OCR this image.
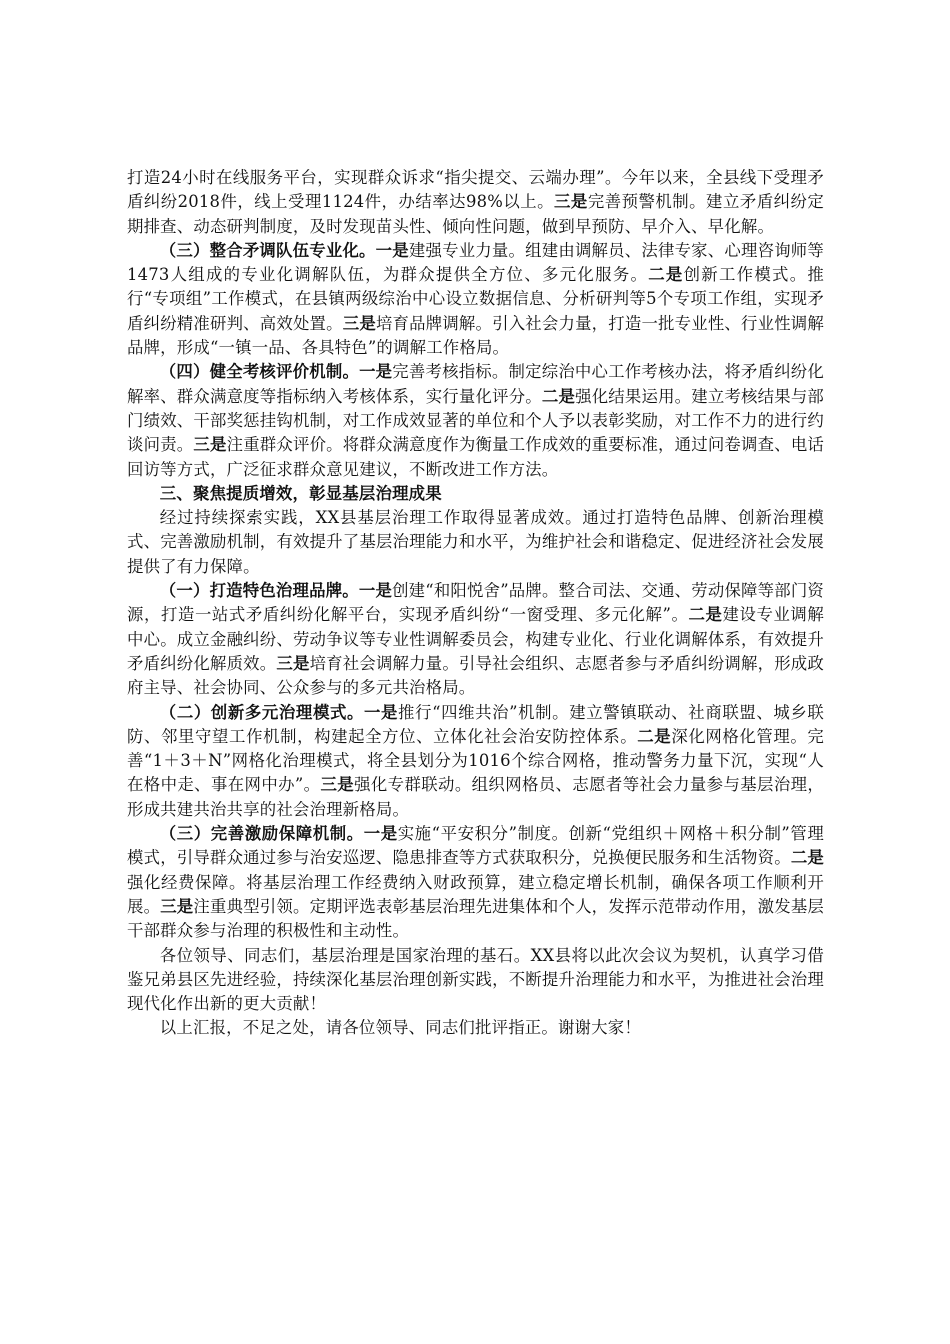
打造24小时在线服务平台，实现群众诉求“指尖提交、云端办理”。今年以来，全县线下受理矛盾纠纷2018件，线上受理1124件，办结率达98%以上。三是完善预警机制。建立矛盾纠纷定期排查、动态研判制度，及时发现苗头性、倾向性问题，做到早预防、早介入、早化解。

（三）整合矛调队伍专业化。一是建强专业力量。组建由调解员、法律专家、心理咨询师等1473人组成的专业化调解队伍，为群众提供全方位、多元化服务。二是创新工作模式。推行“专项组”工作模式，在县镇两级综治中心设立数据信息、分析研判等5个专项工作组，实现矛盾纠纷精准研判、高效处置。三是培育品牌调解。引入社会力量，打造一批专业性、行业性调解品牌，形成“一镇一品、各具特色”的调解工作格局。

（四）健全考核评价机制。一是完善考核指标。制定综治中心工作考核办法，将矛盾纠纷化解率、群众满意度等指标纳入考核体系，实行量化评分。二是强化结果运用。建立考核结果与部门绩效、干部奖惩挂钩机制，对工作成效显著的单位和个人予以表彰奖励，对工作不力的进行约谈问责。三是注重群众评价。将群众满意度作为衡量工作成效的重要标准，通过问卷调查、电话回访等方式，广泛征求群众意见建议，不断改进工作方法。

三、聚焦提质增效，彰显基层治理成果

经过持续探索实践，XX县基层治理工作取得显著成效。通过打造特色品牌、创新治理模式、完善激励机制，有效提升了基层治理能力和水平，为维护社会和谐稳定、促进经济社会发展提供了有力保障。

（一）打造特色治理品牌。一是创建“和阳悦舍”品牌。整合司法、交通、劳动保障等部门资源，打造一站式矛盾纠纷化解平台，实现矛盾纠纷“一窗受理、多元化解”。二是建设专业调解中心。成立金融纠纷、劳动争议等专业性调解委员会，构建专业化、行业化调解体系，有效提升矛盾纠纷化解质效。三是培育社会调解力量。引导社会组织、志愿者参与矛盾纠纷调解，形成政府主导、社会协同、公众参与的多元共治格局。

（二）创新多元治理模式。一是推行“四维共治”机制。建立警镇联动、社商联盟、城乡联防、邻里守望工作机制，构建起全方位、立体化社会治安防控体系。二是深化网格化管理。完善“1＋3＋N”网格化治理模式，将全县划分为1016个综合网格，推动警务力量下沉，实现“人在格中走、事在网中办”。三是强化专群联动。组织网格员、志愿者等社会力量参与基层治理，形成共建共治共享的社会治理新格局。

（三）完善激励保障机制。一是实施“平安积分”制度。创新“党组织＋网格＋积分制”管理模式，引导群众通过参与治安巡逻、隐患排查等方式获取积分，兑换便民服务和生活物资。二是强化经费保障。将基层治理工作经费纳入财政预算，建立稳定增长机制，确保各项工作顺利开展。三是注重典型引领。定期评选表彰基层治理先进集体和个人，发挥示范带动作用，激发基层干部群众参与治理的积极性和主动性。

各位领导、同志们，基层治理是国家治理的基石。XX县将以此次会议为契机，认真学习借鉴兄弟县区先进经验，持续深化基层治理创新实践，不断提升治理能力和水平，为推进社会治理现代化作出新的更大贡献！

以上汇报，不足之处，请各位领导、同志们批评指正。谢谢大家！
